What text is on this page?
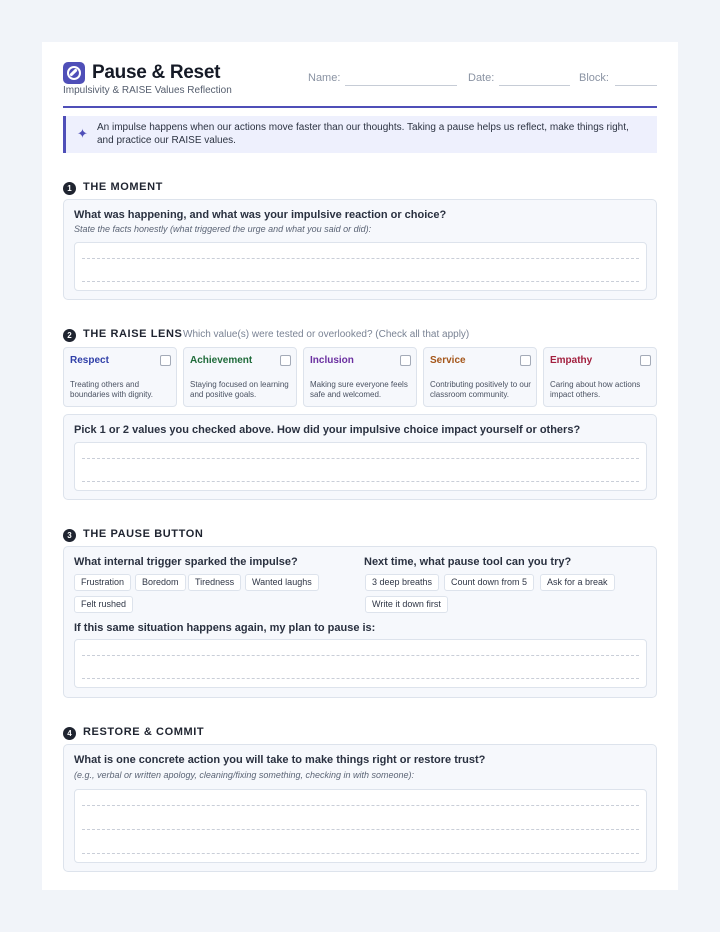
Pause & Reset
Impulsivity & RAISE Values Reflection
Name:	Date:	Block:
✦ An impulse happens when our actions move faster than our thoughts. Taking a pause helps us reflect, make things right, and practice our RAISE values.
1	THE MOMENT
What was happening, and what was your impulsive reaction or choice?
State the facts honestly (what triggered the urge and what you said or did):
2	THE RAISE LENS Which value(s) were tested or overlooked? (Check all that apply)
Respect
Treating others and boundaries with dignity.
Achievement
Staying focused on learning and positive goals.
Inclusion
Making sure everyone feels safe and welcomed.
Service
Contributing positively to our classroom community.
Empathy
Caring about how actions impact others.
Pick 1 or 2 values you checked above. How did your impulsive choice impact yourself or others?
3	THE PAUSE BUTTON
What internal trigger sparked the impulse?	Next time, what pause tool can you try?
Frustration	Boredom	Tiredness	Wanted laughs
Felt rushed
3 deep breaths	Count down from 5	Ask for a break
Write it down first
If this same situation happens again, my plan to pause is:
4	RESTORE & COMMIT
What is one concrete action you will take to make things right or restore trust?
(e.g., verbal or written apology, cleaning/fixing something, checking in with someone):
